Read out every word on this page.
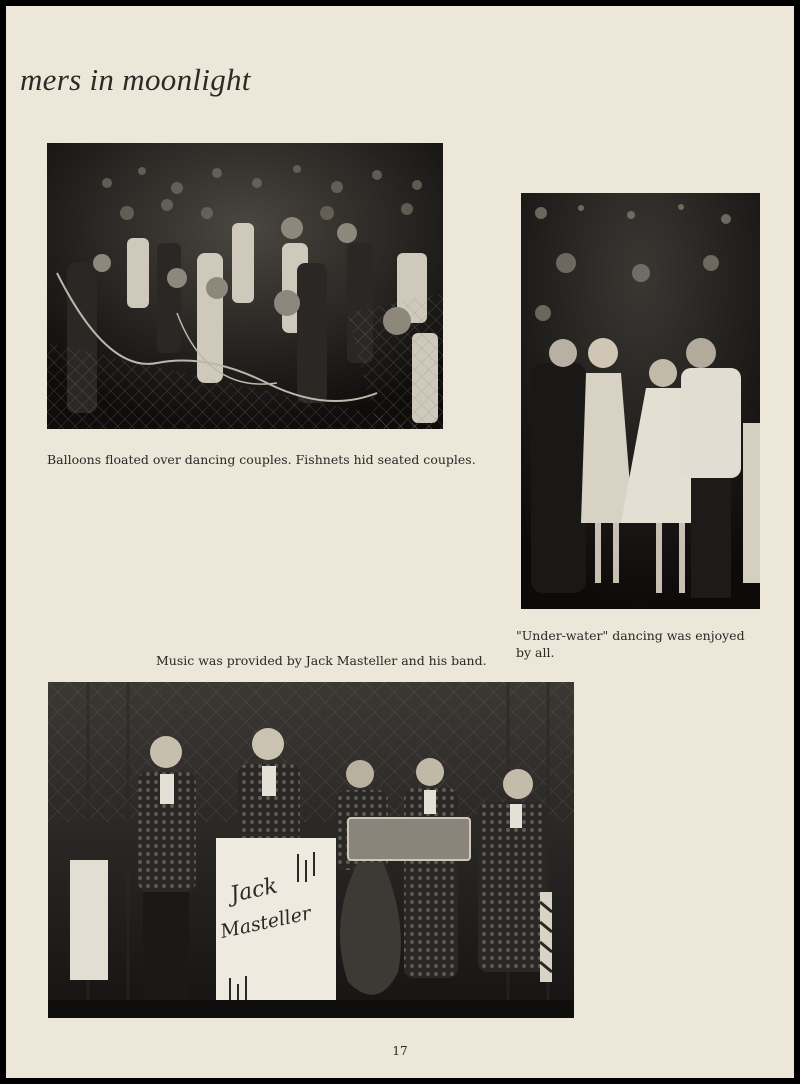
mers in moonlight
Balloons floated over dancing couples. Fishnets hid seated couples.
"Under-water" dancing was enjoyed
by all.
Music was provided by Jack Masteller and his band.
Jack
Masteller
17
